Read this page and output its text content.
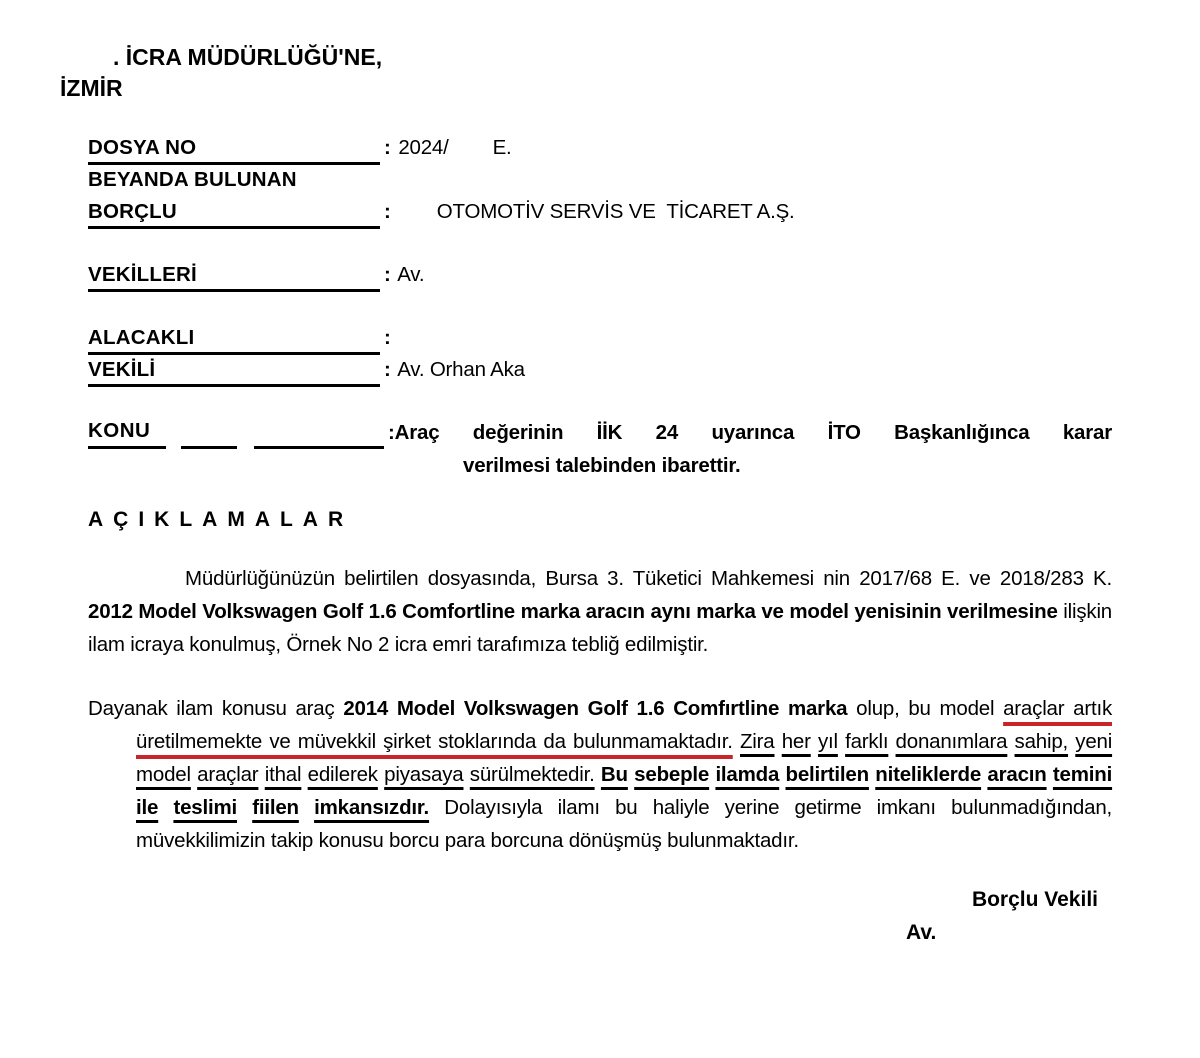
. İCRA MÜDÜRLÜĞÜ'NE,
İZMİR
DOSYA NO	: 2024/        E.
BEYANDA BULUNAN
BORÇLU	: OTOMOTİV SERVİS VE  TİCARET A.Ş.
VEKİLLERİ	: Av.
ALACAKLI	:
VEKİLİ	: Av. Orhan Aka
KONU	:Araç değerinin İİK 24 uyarınca İTO Başkanlığınca karar
verilmesi talebinden ibarettir.
AÇIKLAMALAR

Müdürlüğünüzün belirtilen dosyasında, Bursa 3. Tüketici Mahkemesi nin 2017/68 E. ve 2018/283 K. 2012 Model Volkswagen Golf 1.6 Comfortline marka aracın aynı marka ve model yenisinin verilmesine ilişkin ilam icraya konulmuş, Örnek No 2 icra emri tarafımıza tebliğ edilmiştir.

Dayanak ilam konusu araç 2014 Model Volkswagen Golf 1.6 Comfırtline marka olup, bu model araçlar artık üretilmemekte ve müvekkil şirket stoklarında da bulunmamaktadır. Zira her yıl farklı donanımlara sahip, yeni model araçlar ithal edilerek piyasaya sürülmektedir. Bu sebeple ilamda belirtilen niteliklerde aracın temini ile teslimi fiilen imkansızdır. Dolayısıyla ilamı bu haliyle yerine getirme imkanı bulunmadığından, müvekkilimizin takip konusu borcu para borcuna dönüşmüş bulunmaktadır.

Borçlu Vekili
Av.
